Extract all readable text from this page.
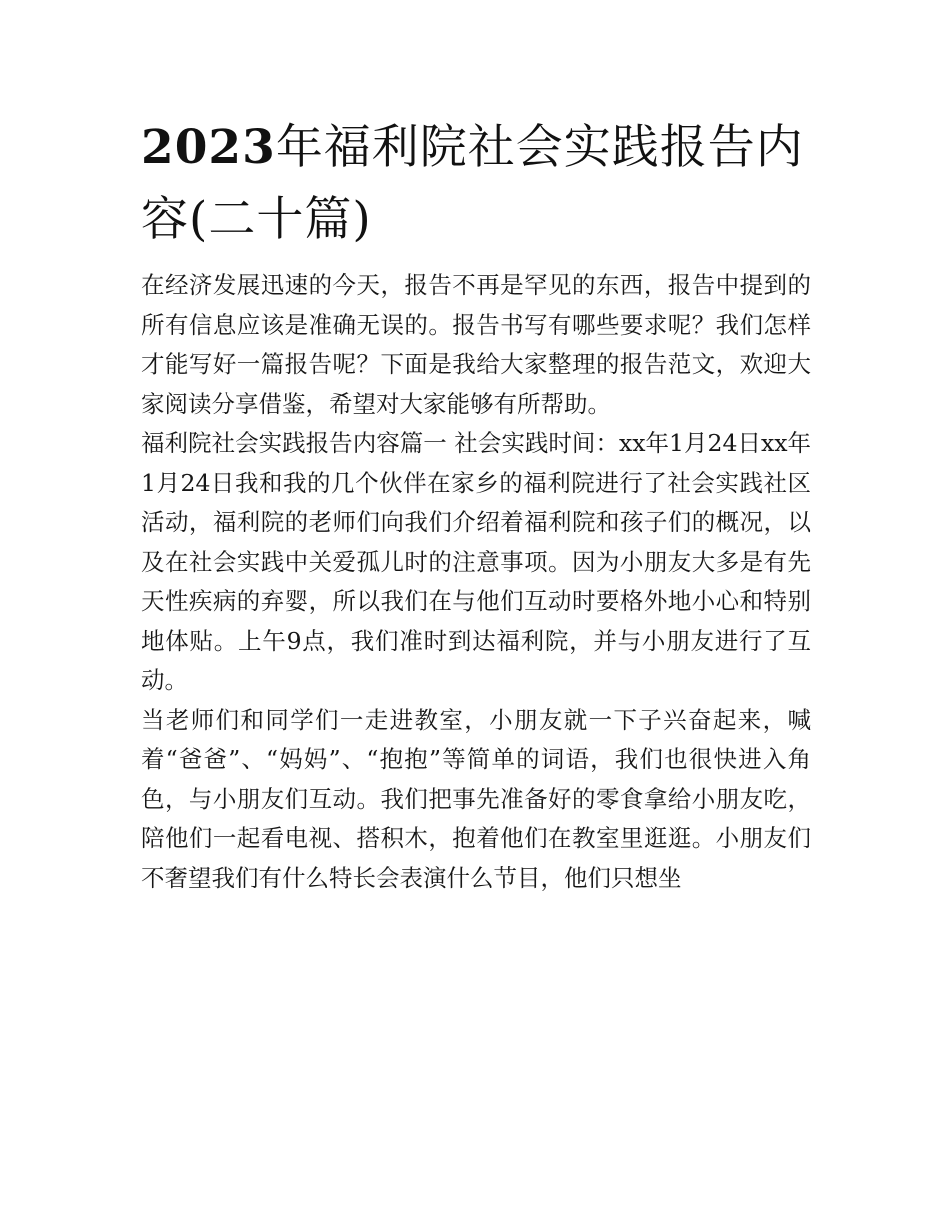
2023年福利院社会实践报告内容(二十篇)

在经济发展迅速的今天，报告不再是罕见的东西，报告中提到的所有信息应该是准确无误的。报告书写有哪些要求呢？我们怎样才能写好一篇报告呢？下面是我给大家整理的报告范文，欢迎大家阅读分享借鉴，希望对大家能够有所帮助。

福利院社会实践报告内容篇一 社会实践时间：xx年1月24日xx年1月24日我和我的几个伙伴在家乡的福利院进行了社会实践社区活动，福利院的老师们向我们介绍着福利院和孩子们的概况，以及在社会实践中关爱孤儿时的注意事项。因为小朋友大多是有先天性疾病的弃婴，所以我们在与他们互动时要格外地小心和特别地体贴。上午9点，我们准时到达福利院，并与小朋友进行了互动。

当老师们和同学们一走进教室，小朋友就一下子兴奋起来，喊着“爸爸”、“妈妈”、“抱抱”等简单的词语，我们也很快进入角色，与小朋友们互动。我们把事先准备好的零食拿给小朋友吃，陪他们一起看电视、搭积木，抱着他们在教室里逛逛。小朋友们不奢望我们有什么特长会表演什么节目，他们只想坐
